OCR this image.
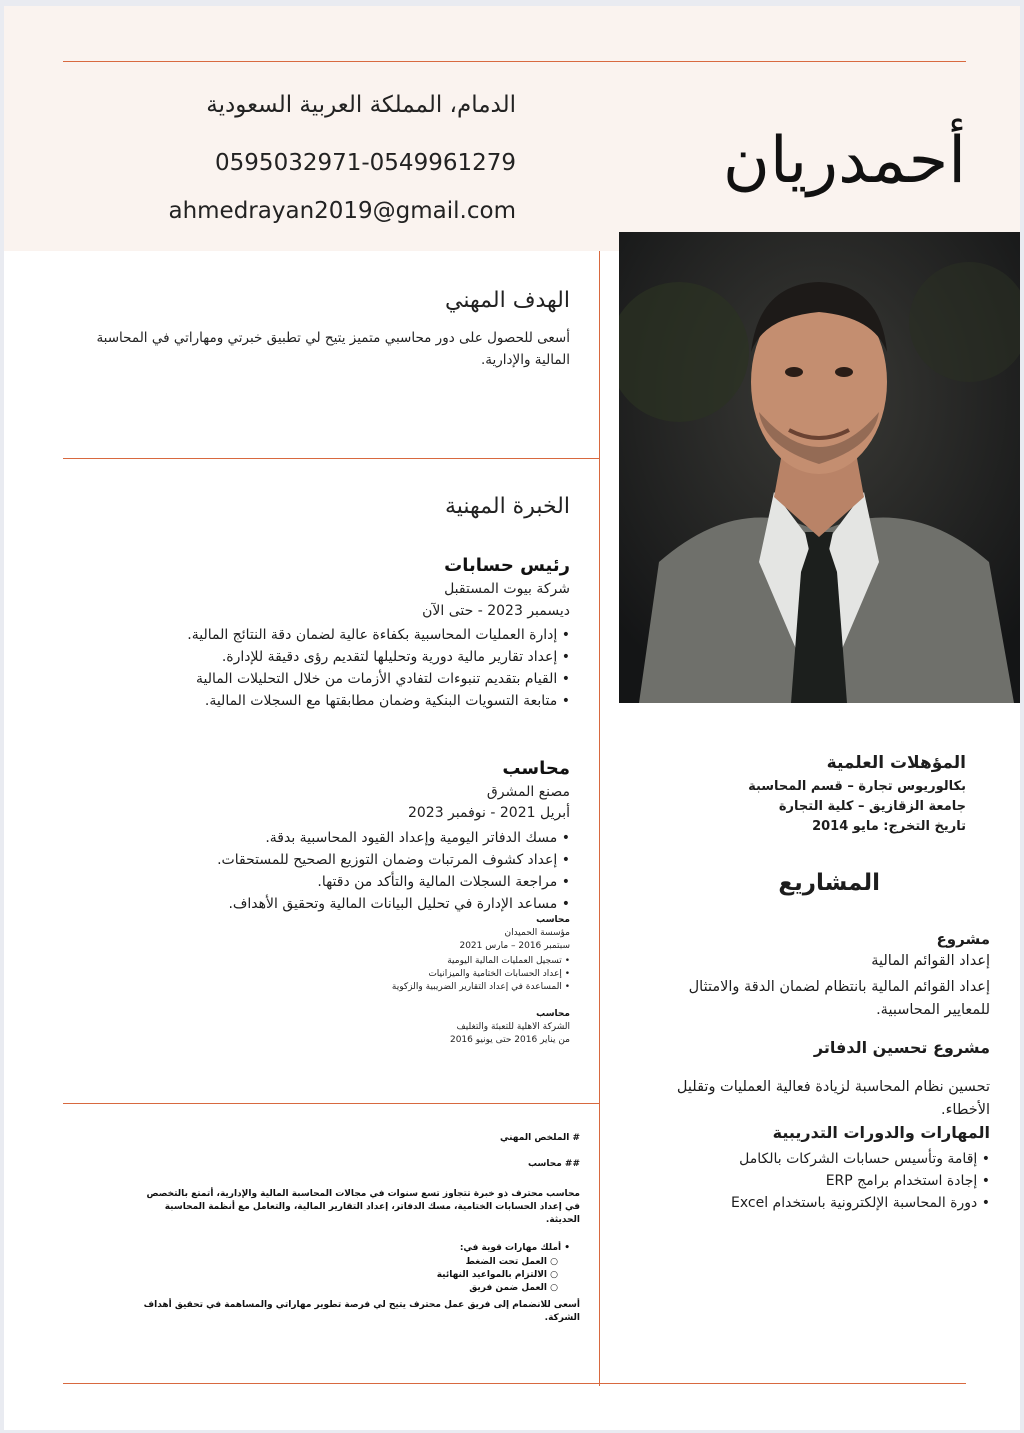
أحمدريان
الدمام، المملكة العربية السعودية
0595032971-0549961279
ahmedrayan2019@gmail.com
الهدف المهني
أسعى للحصول على دور محاسبي متميز يتيح لي تطبيق خبرتي ومهاراتي في المحاسبة المالية والإدارية.
الخبرة المهنية
رئيس حسابات
شركة بيوت المستقبل
ديسمبر 2023 - حتى الآن
• إدارة العمليات المحاسبية بكفاءة عالية لضمان دقة النتائج المالية.
• إعداد تقارير مالية دورية وتحليلها لتقديم رؤى دقيقة للإدارة.
• القيام بتقديم تنبوءات لتفادي الأزمات من خلال التحليلات المالية
• متابعة التسويات البنكية وضمان مطابقتها مع السجلات المالية.
محاسب
مصنع المشرق
أبريل 2021 - نوفمبر 2023
• مسك الدفاتر اليومية وإعداد القيود المحاسبية بدقة.
• إعداد كشوف المرتبات وضمان التوزيع الصحيح للمستحقات.
• مراجعة السجلات المالية والتأكد من دقتها.
• مساعد الإدارة في تحليل البيانات المالية وتحقيق الأهداف.
محاسب
مؤسسة الحميدان
سبتمبر 2016 – مارس 2021
• تسجيل العمليات المالية اليومية
• إعداد الحسابات الختامية والميزانيات
• المساعدة في إعداد التقارير الضريبية والزكوية
محاسب
الشركة الاهلية للتعبئة والتغليف
من يناير 2016 حتى يونيو 2016
# الملخص المهني
## محاسب
محاسب محترف ذو خبرة تتجاوز تسع سنوات في مجالات المحاسبة المالية والإدارية، أتمتع بالتخصص في إعداد الحسابات الختامية، مسك الدفاتر، إعداد التقارير المالية، والتعامل مع أنظمة المحاسبة الحديثة.
• أملك مهارات قوية في:
○ العمل تحت الضغط
○ الالتزام بالمواعيد النهائية
○ العمل ضمن فريق
أسعى للانضمام إلى فريق عمل محترف يتيح لي فرصة تطوير مهاراتي والمساهمة في تحقيق أهداف الشركة.
المؤهلات العلمية
بكالوريوس تجارة – قسم المحاسبة
جامعة الزقازيق – كلية التجارة
تاريخ التخرج: مايو 2014
المشاريع
مشروع
إعداد القوائم المالية
إعداد القوائم المالية بانتظام لضمان الدقة والامتثال للمعايير المحاسبية.
مشروع تحسين الدفاتر
تحسين نظام المحاسبة لزيادة فعالية العمليات وتقليل الأخطاء.
المهارات والدورات التدريبية
• إقامة وتأسيس حسابات الشركات بالكامل
• إجادة استخدام برامج ERP
• دورة المحاسبة الإلكترونية باستخدام Excel
